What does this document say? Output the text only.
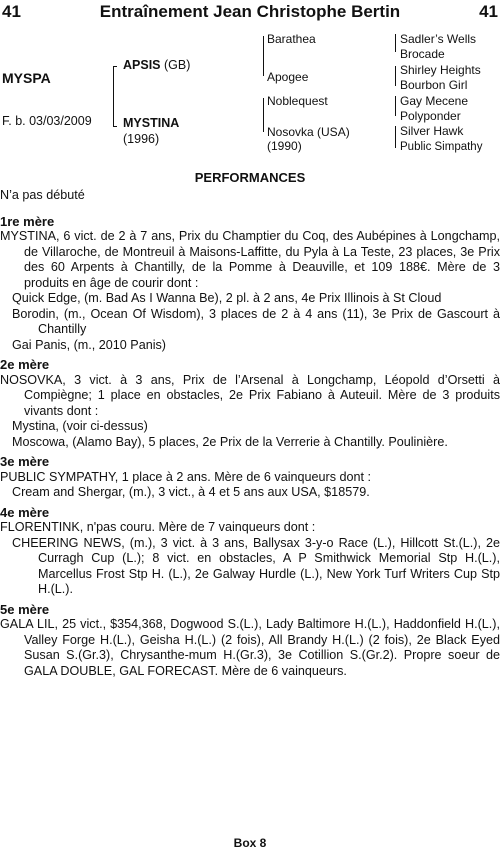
41	Entraînement Jean Christophe Bertin	41
MYSPA
F. b. 03/03/2009
APSIS (GB)
MYSTINA
(1996)
Barathea
Apogee
Noblequest
Nosovka (USA)
(1990)
Sadler’s Wells
Brocade
Shirley Heights
Bourbon Girl
Gay Mecene
Polyponder
Silver Hawk
Public Simpathy
PERFORMANCES

N’a pas débuté

1re mère

MYSTINA, 6 vict. de 2 à 7 ans, Prix du Champtier du Coq, des Aubépines à Longchamp, de Villaroche, de Montreuil à Maisons-Laffitte, du Pyla à La Teste, 23 places, 3e Prix des 60 Arpents à Chantilly, de la Pomme à Deauville, et 109 188€. Mère de 3 produits en âge de courir dont :

Quick Edge, (m. Bad As I Wanna Be), 2 pl. à 2 ans, 4e Prix Illinois à St Cloud

Borodin, (m., Ocean Of Wisdom), 3 places de 2 à 4 ans (11), 3e Prix de Gascourt à Chantilly

Gai Panis, (m., 2010 Panis)

2e mère

NOSOVKA, 3 vict. à 3 ans, Prix de l’Arsenal à Longchamp, Léopold d’Orsetti à Compiègne; 1 place en obstacles, 2e Prix Fabiano à Auteuil. Mère de 3 produits vivants dont :

Mystina, (voir ci-dessus)

Moscowa, (Alamo Bay), 5 places, 2e Prix de la Verrerie à Chantilly. Poulinière.

3e mère

PUBLIC SYMPATHY, 1 place à 2 ans. Mère de 6 vainqueurs dont :

Cream and Shergar, (m.), 3 vict., à 4 et 5 ans aux USA, $18579.

4e mère

FLORENTINK, n'pas couru. Mère de 7 vainqueurs dont :

CHEERING NEWS, (m.), 3 vict. à 3 ans, Ballysax 3-y-o Race (L.), Hillcott St.(L.), 2e Curragh Cup (L.); 8 vict. en obstacles, A P Smithwick Memorial Stp H.(L.), Marcellus Frost Stp H. (L.), 2e Galway Hurdle (L.), New York Turf Writers Cup Stp H.(L.).

5e mère

GALA LIL, 25 vict., $354,368, Dogwood S.(L.), Lady Baltimore H.(L.), Haddonfield H.(L.), Valley Forge H.(L.), Geisha H.(L.) (2 fois), All Brandy H.(L.) (2 fois), 2e Black Eyed Susan S.(Gr.3), Chrysanthe-mum H.(Gr.3), 3e Cotillion S.(Gr.2). Propre soeur de GALA DOUBLE, GAL FORECAST. Mère de 6 vainqueurs.

Box 8
